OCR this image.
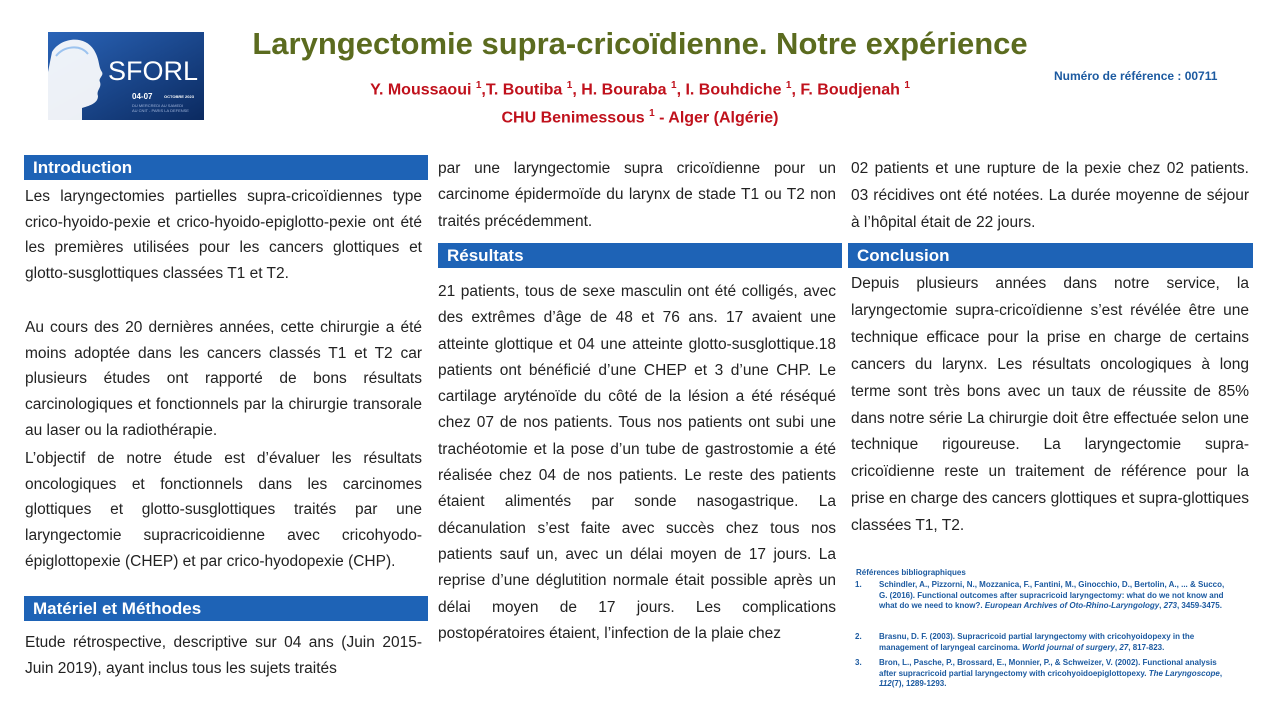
SFORL
04-07	OCTOBRE 2023
DU MERCREDI AU SAMEDI
AU CNIT - PARIS LA DEFENSE
Laryngectomie supra-cricoïdienne. Notre expérience
Y. Moussaoui $^1$,T. Boutiba $^1$, H. Bouraba $^1$, I. Bouhdiche $^1$, F. Boudjenah $^1$
CHU Benimessous $^1$ - Alger (Algérie)
Numéro de référence : 00711
Introduction
Les laryngectomies partielles supra-cricoïdiennes type crico-hyoido-pexie et crico-hyoido-epiglotto-pexie ont été les premières utilisées pour les cancers glottiques et glotto-susglottiques classées T1 et T2.
Au cours des 20 dernières années, cette chirurgie a été moins adoptée dans les cancers classés T1 et T2 car plusieurs études ont rapporté de bons résultats carcinologiques et fonctionnels par la chirurgie transorale au laser ou la radiothérapie.
L’objectif de notre étude est d’évaluer les résultats oncologiques et fonctionnels dans les carcinomes glottiques et glotto-susglottiques traités par une laryngectomie supracricoidienne avec cricohyodo-épiglottopexie (CHEP) et par crico-hyodopexie (CHP).
Matériel et Méthodes
Etude rétrospective, descriptive sur 04 ans (Juin 2015- Juin 2019), ayant inclus tous les sujets traités
par une laryngectomie supra cricoïdienne pour un carcinome épidermoïde du larynx de stade T1 ou T2 non traités précédemment.
Résultats
21 patients, tous de sexe masculin ont été colligés, avec des extrêmes d’âge de 48 et 76 ans. 17 avaient une atteinte glottique et 04 une atteinte glotto-susglottique.18 patients ont bénéficié d’une CHEP et 3 d’une CHP. Le cartilage aryténoïde du côté de la lésion a été réséqué chez 07 de nos patients. Tous nos patients ont subi une trachéotomie et la pose d’un tube de gastrostomie a été réalisée chez 04 de nos patients. Le reste des patients étaient alimentés par sonde nasogastrique. La décanulation s’est faite avec succès chez tous nos patients sauf un, avec un délai moyen de 17 jours. La reprise d’une déglutition normale était possible après un délai moyen de 17 jours. Les complications postopératoires étaient, l’infection de la plaie chez
02 patients et une rupture de la pexie chez 02 patients. 03 récidives ont été notées. La durée moyenne de séjour à l’hôpital était de 22 jours.
Conclusion
Depuis plusieurs années dans notre service, la laryngectomie supra-cricoïdienne s’est révélée être une technique efficace pour la prise en charge de certains cancers du larynx. Les résultats oncologiques à long terme sont très bons avec un taux de réussite de 85% dans notre série La chirurgie doit être effectuée selon une technique rigoureuse. La laryngectomie supra-cricoïdienne reste un traitement de référence pour la prise en charge des cancers glottiques et supra-glottiques classées T1, T2.
Références bibliographiques
1. Schindler, A., Pizzorni, N., Mozzanica, F., Fantini, M., Ginocchio, D., Bertolin, A., ... & Succo, G. (2016). Functional outcomes after supracricoid laryngectomy: what do we not know and what do we need to know?. European Archives of Oto-Rhino-Laryngology, 273, 3459-3475.
2. Brasnu, D. F. (2003). Supracricoid partial laryngectomy with cricohyoidopexy in the management of laryngeal carcinoma. World journal of surgery, 27, 817-823.
3. Bron, L., Pasche, P., Brossard, E., Monnier, P., & Schweizer, V. (2002). Functional analysis after supracricoid partial laryngectomy with cricohyoidoepiglottopexy. The Laryngoscope, 112(7), 1289-1293.
